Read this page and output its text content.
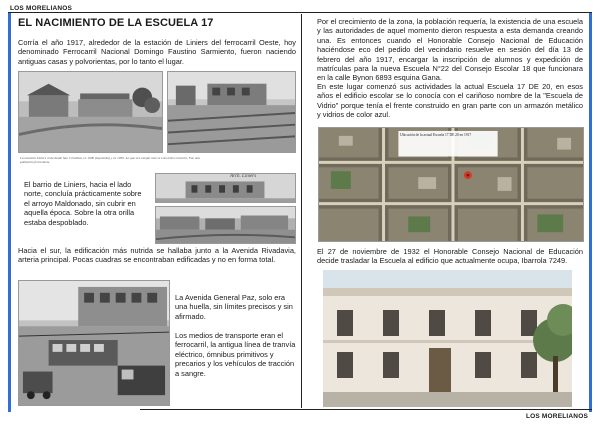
LOS MORELIANOS
LOS MORELIANOS
EL NACIMIENTO DE LA ESCUELA 17
Corría el año 1917, alrededor de la estación de Liniers del ferrocarril Oeste, hoy denominado Ferrocarril Nacional Domingo Faustino Sarmiento, fueron naciendo antiguas casas y polvorientas, por lo tanto el lugar.
La estación Liniers vista desde San Cristóbal, en 1900 (izquierda) y en 1930. Lo que era campo ralo se convirtió en barrio. Fue una población ferroviaria.
El barrio de Liniers, hacia el lado norte, concluía prácticamente sobre el arroyo Maldonado, sin cubrir en aquella época. Sobre la otra orilla estaba despoblado.
Arch. Liniers
Hacia el sur, la edificación más nutrida se hallaba junto a la Avenida Rivadavia, arteria principal. Pocas cuadras se encontraban edificadas y no en forma total.
La Avenida General Paz, solo era una huella, sin límites precisos y sin afirmado.
Los medios de transporte eran el ferrocarril, la antigua línea de tranvía eléctrico, ómnibus primitivos y precarios y los vehículos de tracción a sangre.
Por el crecimiento de la zona, la población requería, la existencia de una escuela y las autoridades de aquel momento dieron respuesta a esta demanda creando una. Es entonces cuando el Honorable Consejo Nacional de Educación haciéndose eco del pedido del vecindario resuelve en sesión del día 13 de febrero del año 1917, encargar la inscripción de alumnos y expedición de matrículas para la nueva Escuela N°22 del Consejo Escolar 18 que funcionara en la calle Bynon 6893 esquina Gana.
En este lugar comenzó sus actividades la actual Escuela 17 DE 20, en esos años el edificio escolar se lo conocía con el cariñoso nombre de la "Escuela de Vidrio" porque tenía el frente construido en gran parte con un armazón metálico y vidrios de color azul.
Ubicación de la actual Escuela 17 DE 20 en 1917
El 27 de noviembre de 1932 el Honorable Consejo Nacional de Educación decide trasladar la Escuela al edificio que actualmente ocupa, Ibarrola 7249.
